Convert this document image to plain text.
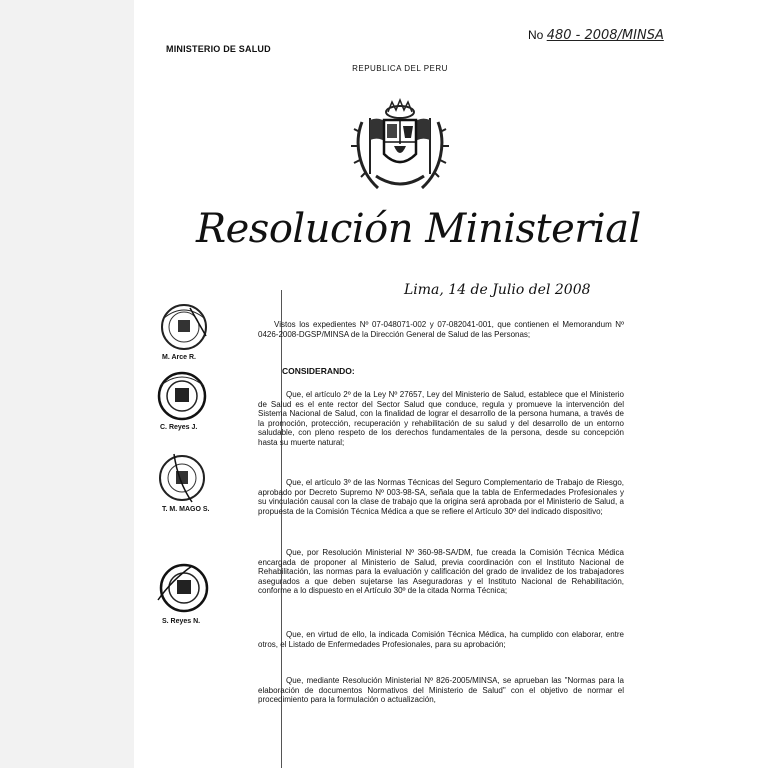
MINISTERIO DE SALUD
No 480 - 2008/MINSA
REPUBLICA DEL PERU
Resolución Ministerial
Lima, 14 de Julio del 2008
M. Arce R.
C. Reyes J.
T. M. MAGO S.
S. Reyes N.
Vistos los expedientes Nº 07-048071-002 y 07-082041-001, que contienen el Memorandum Nº 0426-2008-DGSP/MINSA de la Dirección General de Salud de las Personas;
CONSIDERANDO:
Que, el artículo 2º de la Ley Nº 27657, Ley del Ministerio de Salud, establece que el Ministerio de Salud es el ente rector del Sector Salud que conduce, regula y promueve la intervención del Sistema Nacional de Salud, con la finalidad de lograr el desarrollo de la persona humana, a través de la promoción, protección, recuperación y rehabilitación de su salud y del desarrollo de un entorno saludable, con pleno respeto de los derechos fundamentales de la persona, desde su concepción hasta su muerte natural;
Que, el artículo 3º de las Normas Técnicas del Seguro Complementario de Trabajo de Riesgo, aprobado por Decreto Supremo Nº 003-98-SA, señala que la tabla de Enfermedades Profesionales y su vinculación causal con la clase de trabajo que la origina será aprobada por el Ministerio de Salud, a propuesta de la Comisión Técnica Médica a que se refiere el Artículo 30º del indicado dispositivo;
Que, por Resolución Ministerial Nº 360-98-SA/DM, fue creada la Comisión Técnica Médica encargada de proponer al Ministerio de Salud, previa coordinación con el Instituto Nacional de Rehabilitación, las normas para la evaluación y calificación del grado de invalidez de los trabajadores asegurados a que deben sujetarse las Aseguradoras y el Instituto Nacional de Rehabilitación, conforme a lo dispuesto en el Artículo 30º de la citada Norma Técnica;
Que, en virtud de ello, la indicada Comisión Técnica Médica, ha cumplido con elaborar, entre otros, el Listado de Enfermedades Profesionales, para su aprobación;
Que, mediante Resolución Ministerial Nº 826-2005/MINSA, se aprueban las "Normas para la elaboración de documentos Normativos del Ministerio de Salud" con el objetivo de normar el procedimiento para la formulación o actualización,
